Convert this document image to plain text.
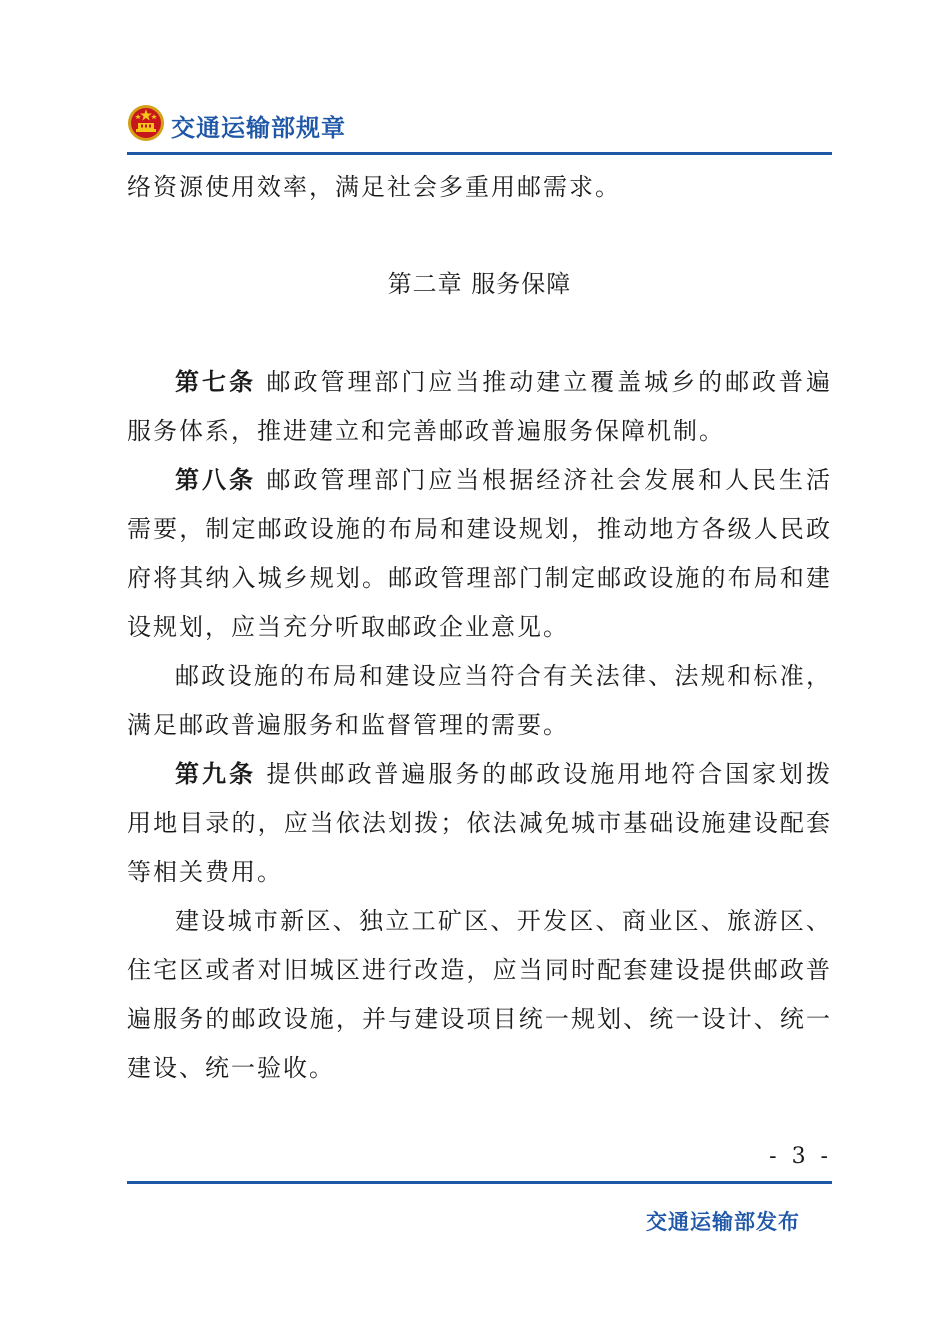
交通运输部规章

络资源使用效率，满足社会多重用邮需求。

第二章 服务保障

第七条 邮政管理部门应当推动建立覆盖城乡的邮政普遍服务体系，推进建立和完善邮政普遍服务保障机制。

第八条 邮政管理部门应当根据经济社会发展和人民生活需要，制定邮政设施的布局和建设规划，推动地方各级人民政府将其纳入城乡规划。邮政管理部门制定邮政设施的布局和建设规划，应当充分听取邮政企业意见。

邮政设施的布局和建设应当符合有关法律、法规和标准，满足邮政普遍服务和监督管理的需要。

第九条 提供邮政普遍服务的邮政设施用地符合国家划拨用地目录的，应当依法划拨；依法减免城市基础设施建设配套等相关费用。

建设城市新区、独立工矿区、开发区、商业区、旅游区、住宅区或者对旧城区进行改造，应当同时配套建设提供邮政普遍服务的邮政设施，并与建设项目统一规划、统一设计、统一建设、统一验收。

- 3 -
交通运输部发布
